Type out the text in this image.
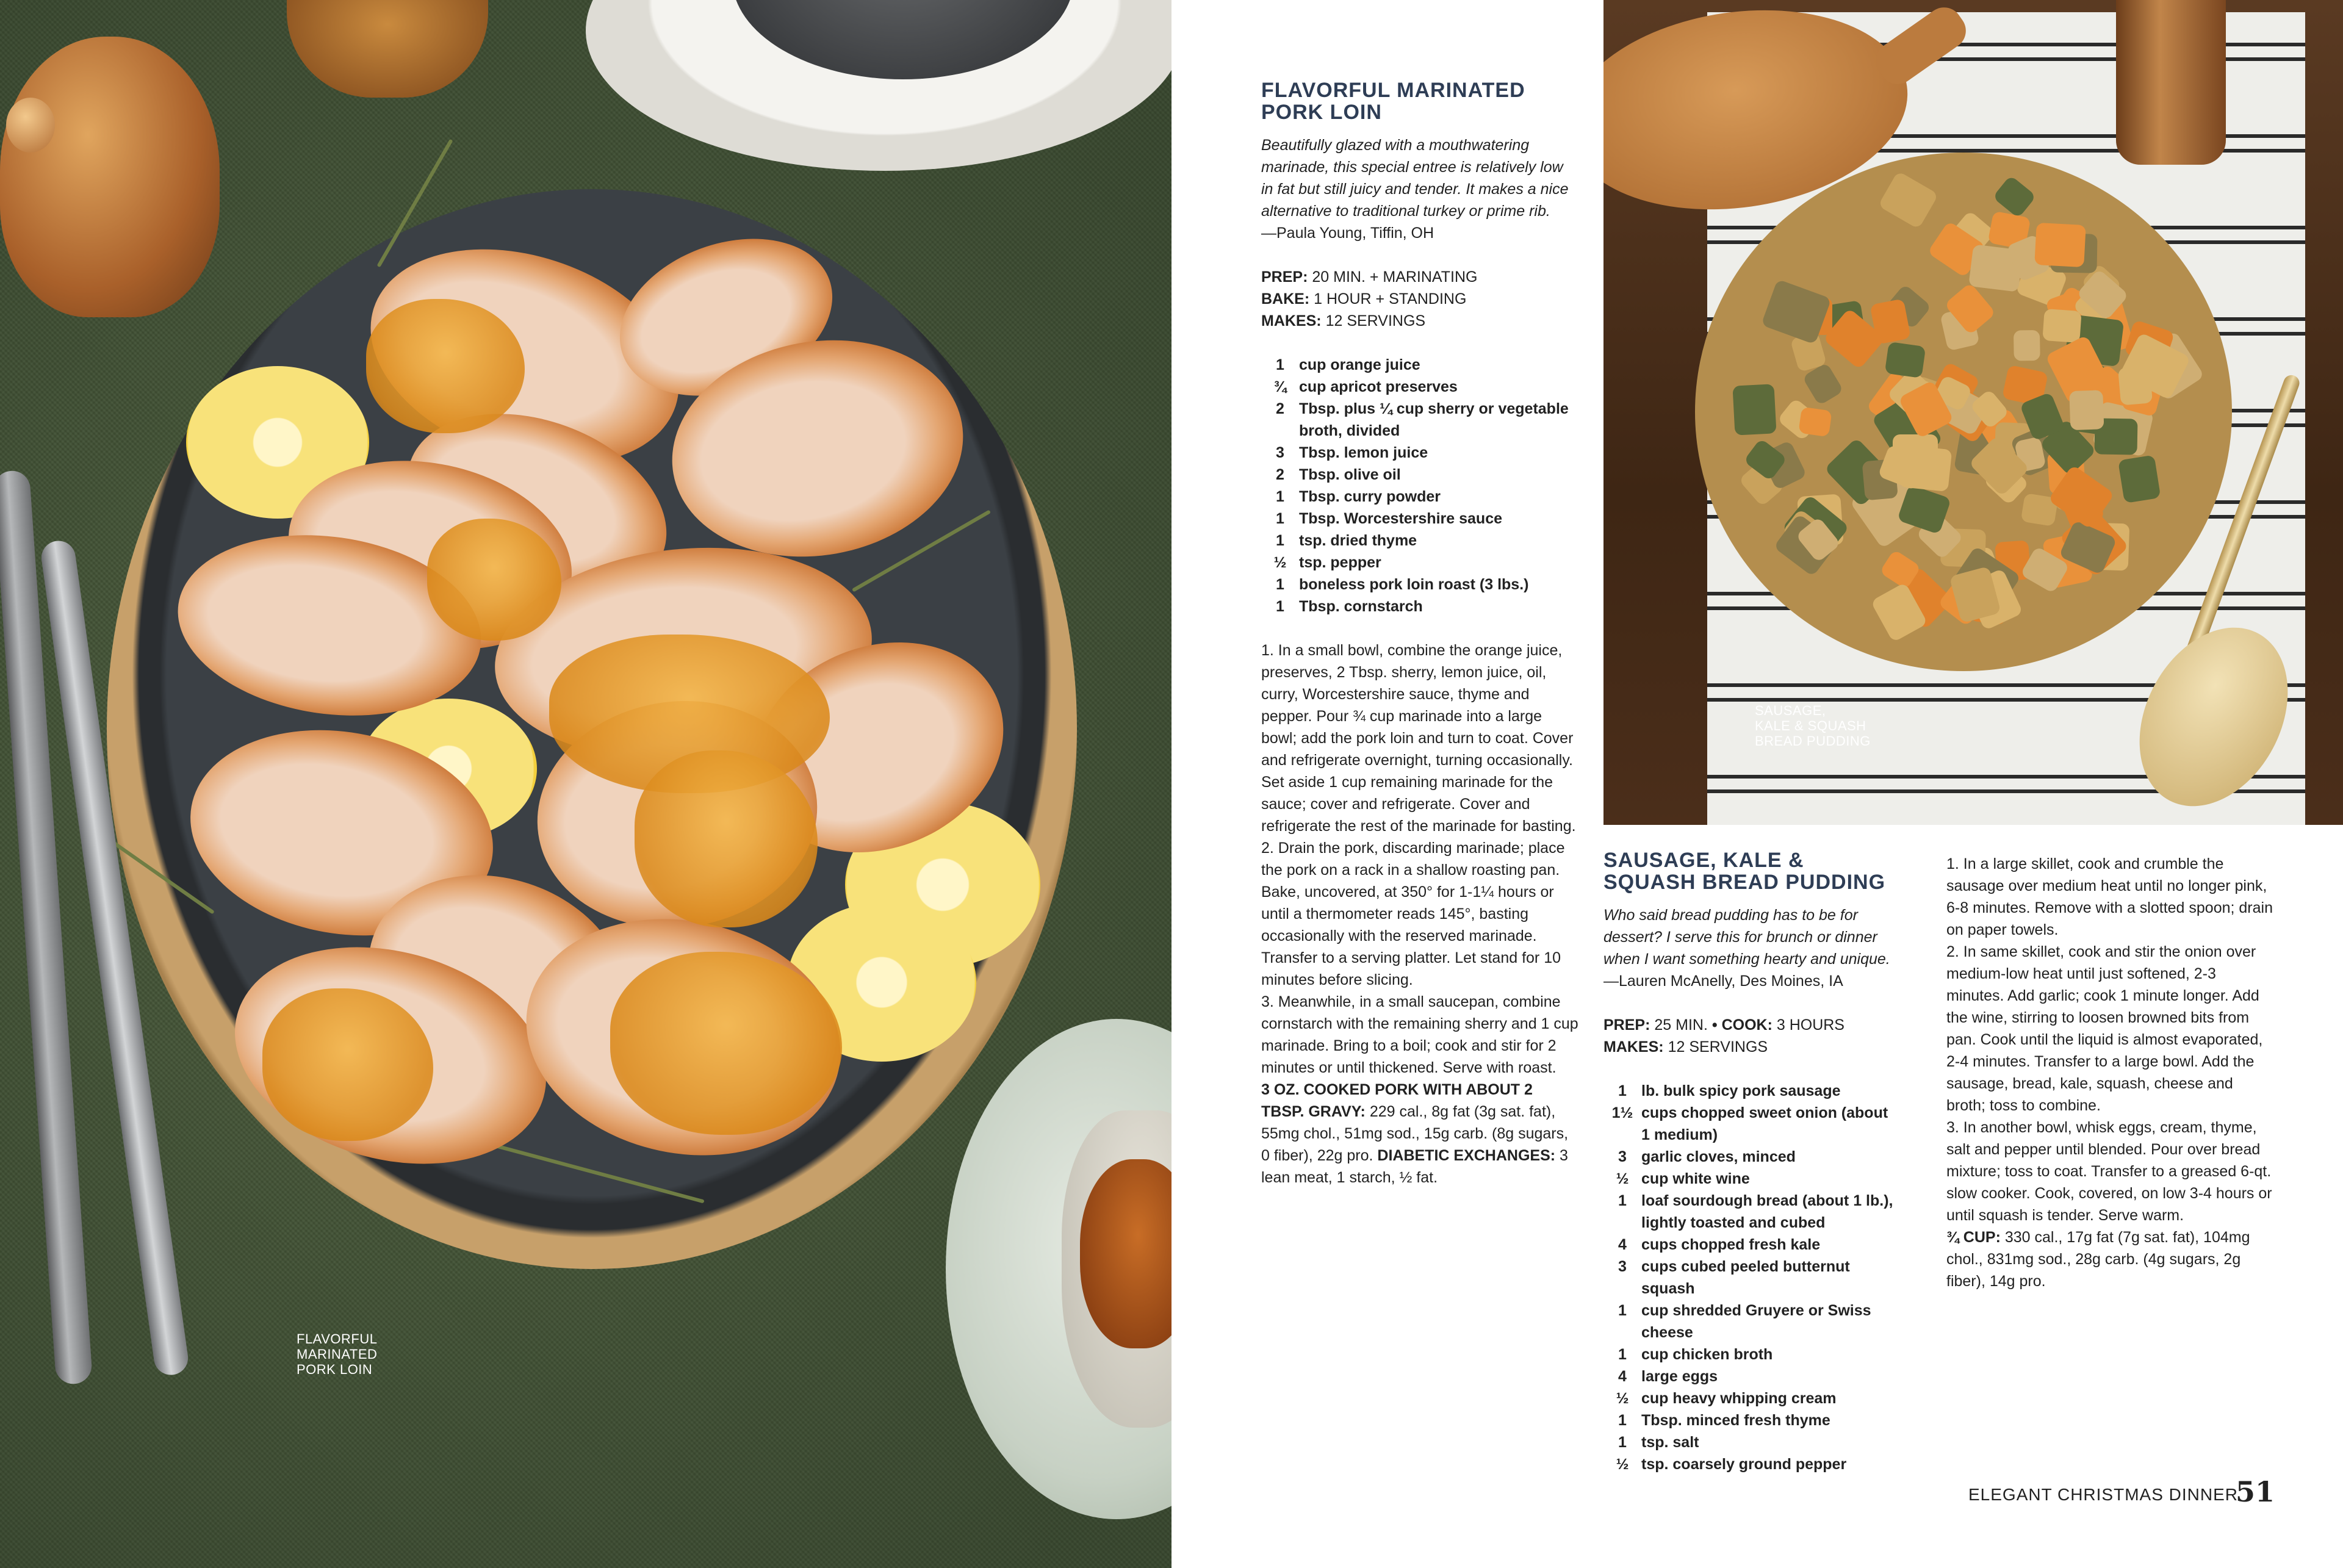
FLAVORFUL
MARINATED
PORK LOIN
SAUSAGE,
KALE & SQUASH
BREAD PUDDING
FLAVORFUL MARINATED PORK LOIN

Beautifully glazed with a mouthwatering marinade, this special entree is relatively low in fat but still juicy and tender. It makes a nice alternative to traditional turkey or prime rib.

—Paula Young, Tiffin, OH

PREP: 20 MIN. + MARINATING
BAKE: 1 HOUR + STANDING
MAKES: 12 SERVINGS
1 cup orange juice
¾ cup apricot preserves
2 Tbsp. plus ¼ cup sherry or vegetable broth, divided
3 Tbsp. lemon juice
2 Tbsp. olive oil
1 Tbsp. curry powder
1 Tbsp. Worcestershire sauce
1 tsp. dried thyme
½ tsp. pepper
1 boneless pork loin roast (3 lbs.)
1 Tbsp. cornstarch

1. In a small bowl, combine the orange juice, preserves, 2 Tbsp. sherry, lemon juice, oil, curry, Worcestershire sauce, thyme and pepper. Pour ¾ cup marinade into a large bowl; add the pork loin and turn to coat. Cover and refrigerate overnight, turning occasionally. Set aside 1 cup remaining marinade for the sauce; cover and refrigerate. Cover and refrigerate the rest of the marinade for basting.

2. Drain the pork, discarding marinade; place the pork on a rack in a shallow roasting pan. Bake, uncovered, at 350° for 1-1¼ hours or until a thermometer reads 145°, basting occasionally with the reserved marinade. Transfer to a serving platter. Let stand for 10 minutes before slicing.

3. Meanwhile, in a small saucepan, combine cornstarch with the remaining sherry and 1 cup marinade. Bring to a boil; cook and stir for 2 minutes or until thickened. Serve with roast.

3 OZ. COOKED PORK WITH ABOUT 2 TBSP. GRAVY: 229 cal., 8g fat (3g sat. fat), 55mg chol., 51mg sod., 15g carb. (8g sugars, 0 fiber), 22g pro. DIABETIC EXCHANGES: 3 lean meat, 1 starch, ½ fat.

SAUSAGE, KALE & SQUASH BREAD PUDDING

Who said bread pudding has to be for dessert? I serve this for brunch or dinner when I want something hearty and unique.

—Lauren McAnelly, Des Moines, IA

PREP: 25 MIN. • COOK: 3 HOURS
MAKES: 12 SERVINGS
1 lb. bulk spicy pork sausage
1½ cups chopped sweet onion (about 1 medium)
3 garlic cloves, minced
½ cup white wine
1 loaf sourdough bread (about 1 lb.), lightly toasted and cubed
4 cups chopped fresh kale
3 cups cubed peeled butternut squash
1 cup shredded Gruyere or Swiss cheese
1 cup chicken broth
4 large eggs
½ cup heavy whipping cream
1 Tbsp. minced fresh thyme
1 tsp. salt
½ tsp. coarsely ground pepper

1. In a large skillet, cook and crumble the sausage over medium heat until no longer pink, 6-8 minutes. Remove with a slotted spoon; drain on paper towels.

2. In same skillet, cook and stir the onion over medium-low heat until just softened, 2-3 minutes. Add garlic; cook 1 minute longer. Add the wine, stirring to loosen browned bits from pan. Cook until the liquid is almost evaporated, 2-4 minutes. Transfer to a large bowl. Add the sausage, bread, kale, squash, cheese and broth; toss to combine.

3. In another bowl, whisk eggs, cream, thyme, salt and pepper until blended. Pour over bread mixture; toss to coat. Transfer to a greased 6-qt. slow cooker. Cook, covered, on low 3-4 hours or until squash is tender. Serve warm.

¾ CUP: 330 cal., 17g fat (7g sat. fat), 104mg chol., 831mg sod., 28g carb. (4g sugars, 2g fiber), 14g pro.

ELEGANT CHRISTMAS DINNER
51
